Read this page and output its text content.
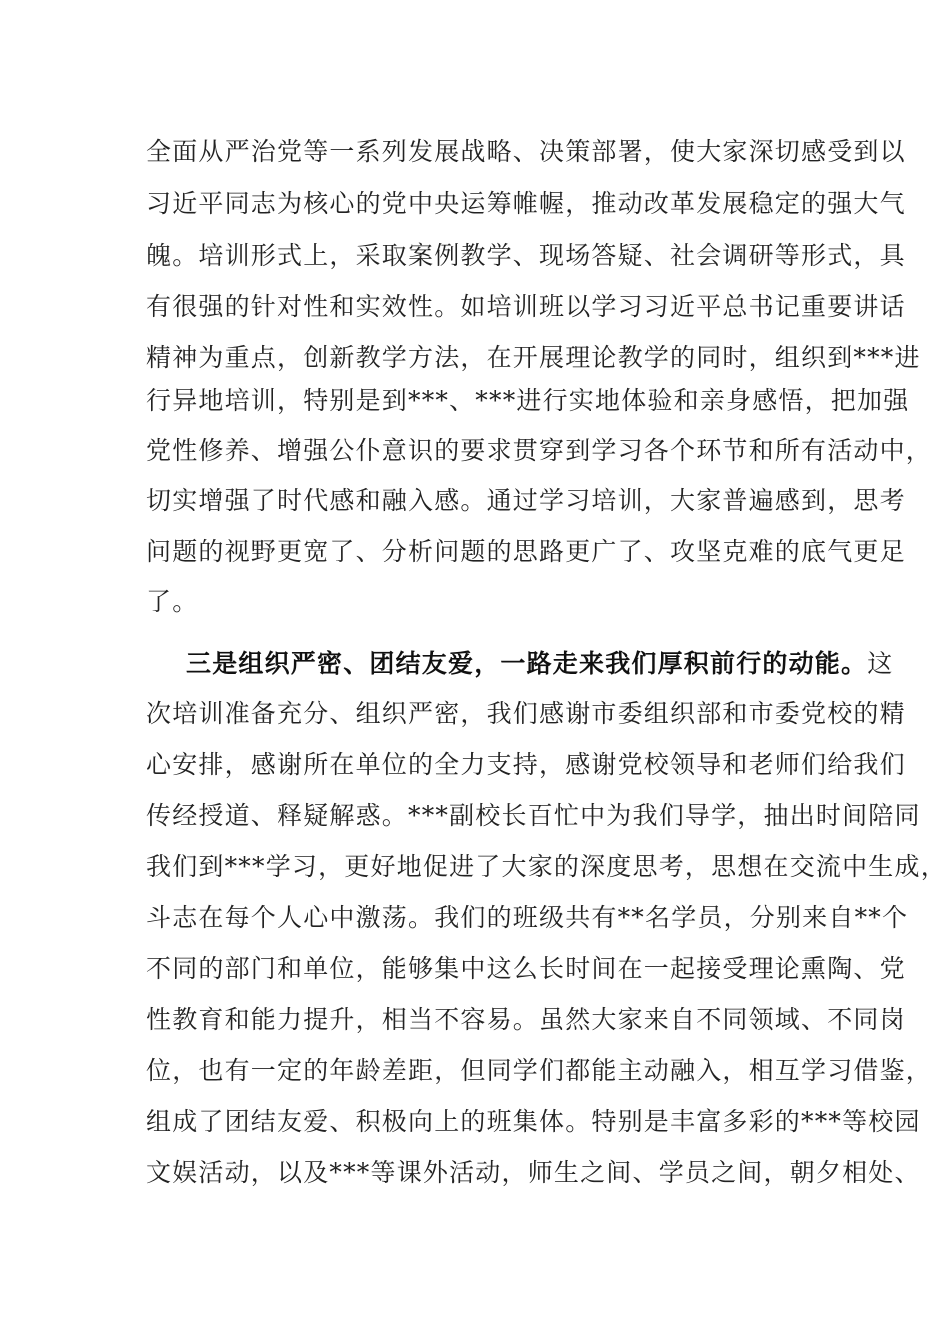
全面从严治党等一系列发展战略、决策部署，使大家深切感受到以
习近平同志为核心的党中央运筹帷幄，推动改革发展稳定的强大气
魄。培训形式上，采取案例教学、现场答疑、社会调研等形式，具
有很强的针对性和实效性。如培训班以学习习近平总书记重要讲话
精神为重点，创新教学方法，在开展理论教学的同时，组织到***进
行异地培训，特别是到***、***进行实地体验和亲身感悟，把加强
党性修养、增强公仆意识的要求贯穿到学习各个环节和所有活动中，
切实增强了时代感和融入感。通过学习培训，大家普遍感到，思考
问题的视野更宽了、分析问题的思路更广了、攻坚克难的底气更足
了。
三是组织严密、团结友爱，一路走来我们厚积前行的动能。这
次培训准备充分、组织严密，我们感谢市委组织部和市委党校的精
心安排，感谢所在单位的全力支持，感谢党校领导和老师们给我们
传经授道、释疑解惑。***副校长百忙中为我们导学，抽出时间陪同
我们到***学习，更好地促进了大家的深度思考，思想在交流中生成，
斗志在每个人心中激荡。我们的班级共有**名学员，分别来自**个
不同的部门和单位，能够集中这么长时间在一起接受理论熏陶、党
性教育和能力提升，相当不容易。虽然大家来自不同领域、不同岗
位，也有一定的年龄差距，但同学们都能主动融入，相互学习借鉴，
组成了团结友爱、积极向上的班集体。特别是丰富多彩的***等校园
文娱活动，以及***等课外活动，师生之间、学员之间，朝夕相处、
